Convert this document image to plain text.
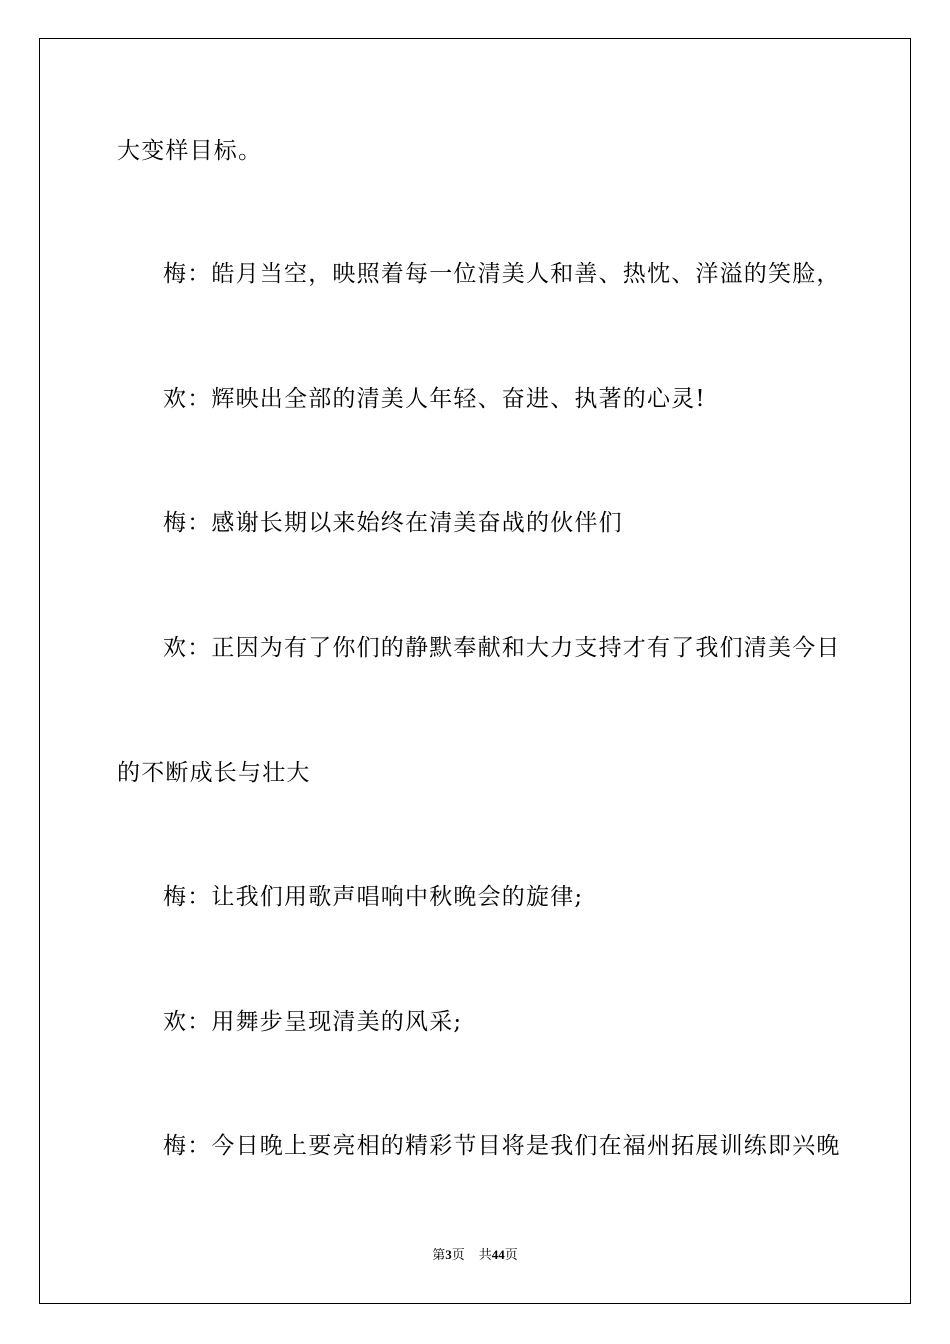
大变样目标。
梅：皓月当空，映照着每一位清美人和善、热忱、洋溢的笑脸，
欢：辉映出全部的清美人年轻、奋进、执著的心灵!
梅：感谢长期以来始终在清美奋战的伙伴们
欢：正因为有了你们的静默奉献和大力支持才有了我们清美今日
的不断成长与壮大
梅：让我们用歌声唱响中秋晚会的旋律;
欢：用舞步呈现清美的风采;
梅：今日晚上要亮相的精彩节目将是我们在福州拓展训练即兴晚
第3页 共44页
